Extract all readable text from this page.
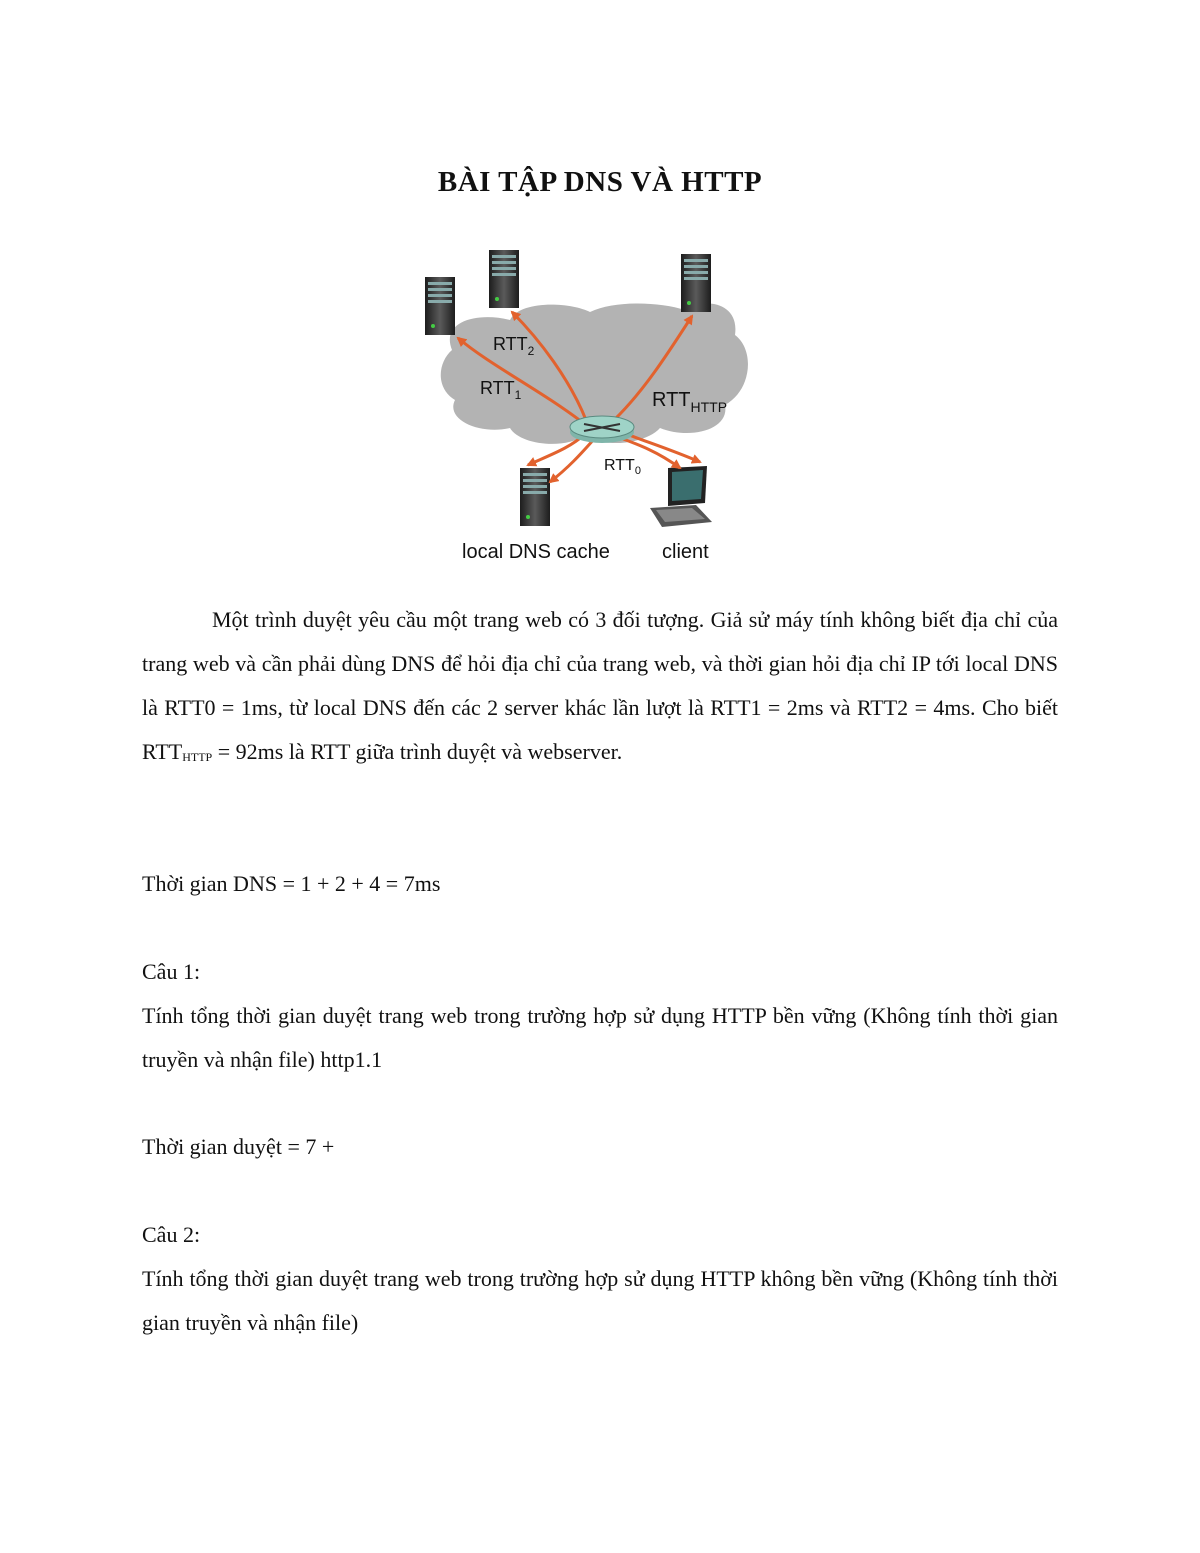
BÀI TẬP DNS VÀ HTTP
$RTT_2$
$RTT_1$	$RTT_{HTTP}$
$RTT_0$
local DNS cache	client
Một trình duyệt yêu cầu một trang web có 3 đối tượng. Giả sử máy tính không biết địa chỉ của trang web và cần phải dùng DNS để hỏi địa chỉ của trang web, và thời gian hỏi địa chỉ IP tới local DNS là RTT0 = 1ms, từ local DNS đến các 2 server khác lần lượt là RTT1 = 2ms và RTT2 = 4ms. Cho biết $RTT_{HTTP} = 92ms$ là RTT giữa trình duyệt và webserver.
Thời gian DNS = 1 + 2 + 4 = 7ms
Câu 1:
Tính tổng thời gian duyệt trang web trong trường hợp sử dụng HTTP bền vững (Không tính thời gian truyền và nhận file) http1.1
Thời gian duyệt = 7 +
Câu 2:
Tính tổng thời gian duyệt trang web trong trường hợp sử dụng HTTP không bền vững (Không tính thời gian truyền và nhận file)
